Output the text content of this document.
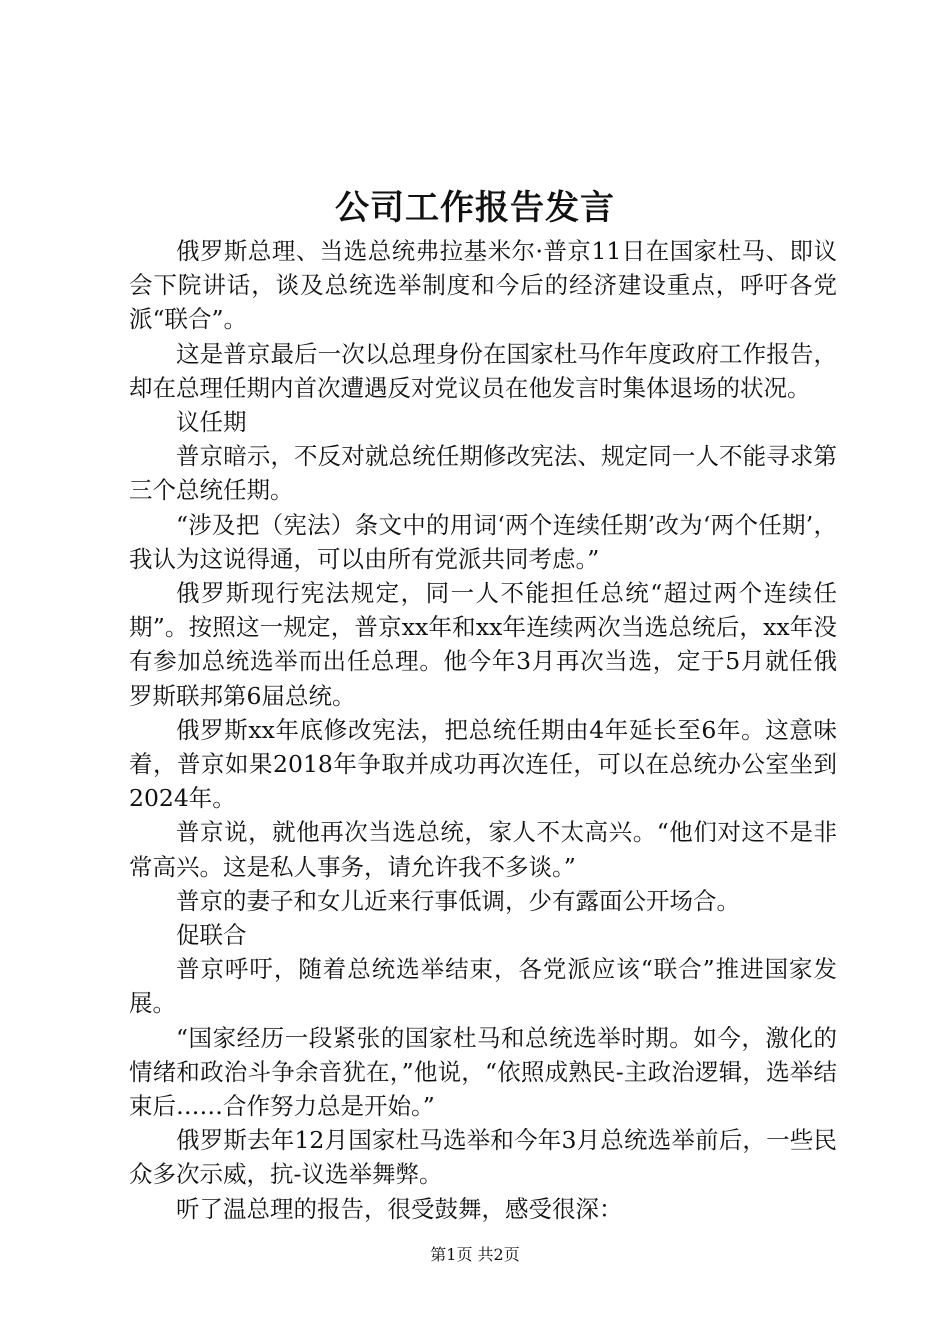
公司工作报告发言

俄罗斯总理、当选总统弗拉基米尔·普京11日在国家杜马、即议会下院讲话，谈及总统选举制度和今后的经济建设重点，呼吁各党派“联合”。

这是普京最后一次以总理身份在国家杜马作年度政府工作报告，却在总理任期内首次遭遇反对党议员在他发言时集体退场的状况。

议任期

普京暗示，不反对就总统任期修改宪法、规定同一人不能寻求第三个总统任期。

“涉及把（宪法）条文中的用词‘两个连续任期’改为‘两个任期’，我认为这说得通，可以由所有党派共同考虑。”

俄罗斯现行宪法规定，同一人不能担任总统“超过两个连续任期”。按照这一规定，普京xx年和xx年连续两次当选总统后，xx年没有参加总统选举而出任总理。他今年3月再次当选，定于5月就任俄罗斯联邦第6届总统。

俄罗斯xx年底修改宪法，把总统任期由4年延长至6年。这意味着，普京如果2018年争取并成功再次连任，可以在总统办公室坐到2024年。

普京说，就他再次当选总统，家人不太高兴。“他们对这不是非常高兴。这是私人事务，请允许我不多谈。”

普京的妻子和女儿近来行事低调，少有露面公开场合。

促联合

普京呼吁，随着总统选举结束，各党派应该“联合”推进国家发展。

“国家经历一段紧张的国家杜马和总统选举时期。如今，激化的情绪和政治斗争余音犹在，”他说，“依照成熟民-主政治逻辑，选举结束后……合作努力总是开始。”

俄罗斯去年12月国家杜马选举和今年3月总统选举前后，一些民众多次示威，抗-议选举舞弊。

听了温总理的报告，很受鼓舞，感受很深：

第1页 共2页
